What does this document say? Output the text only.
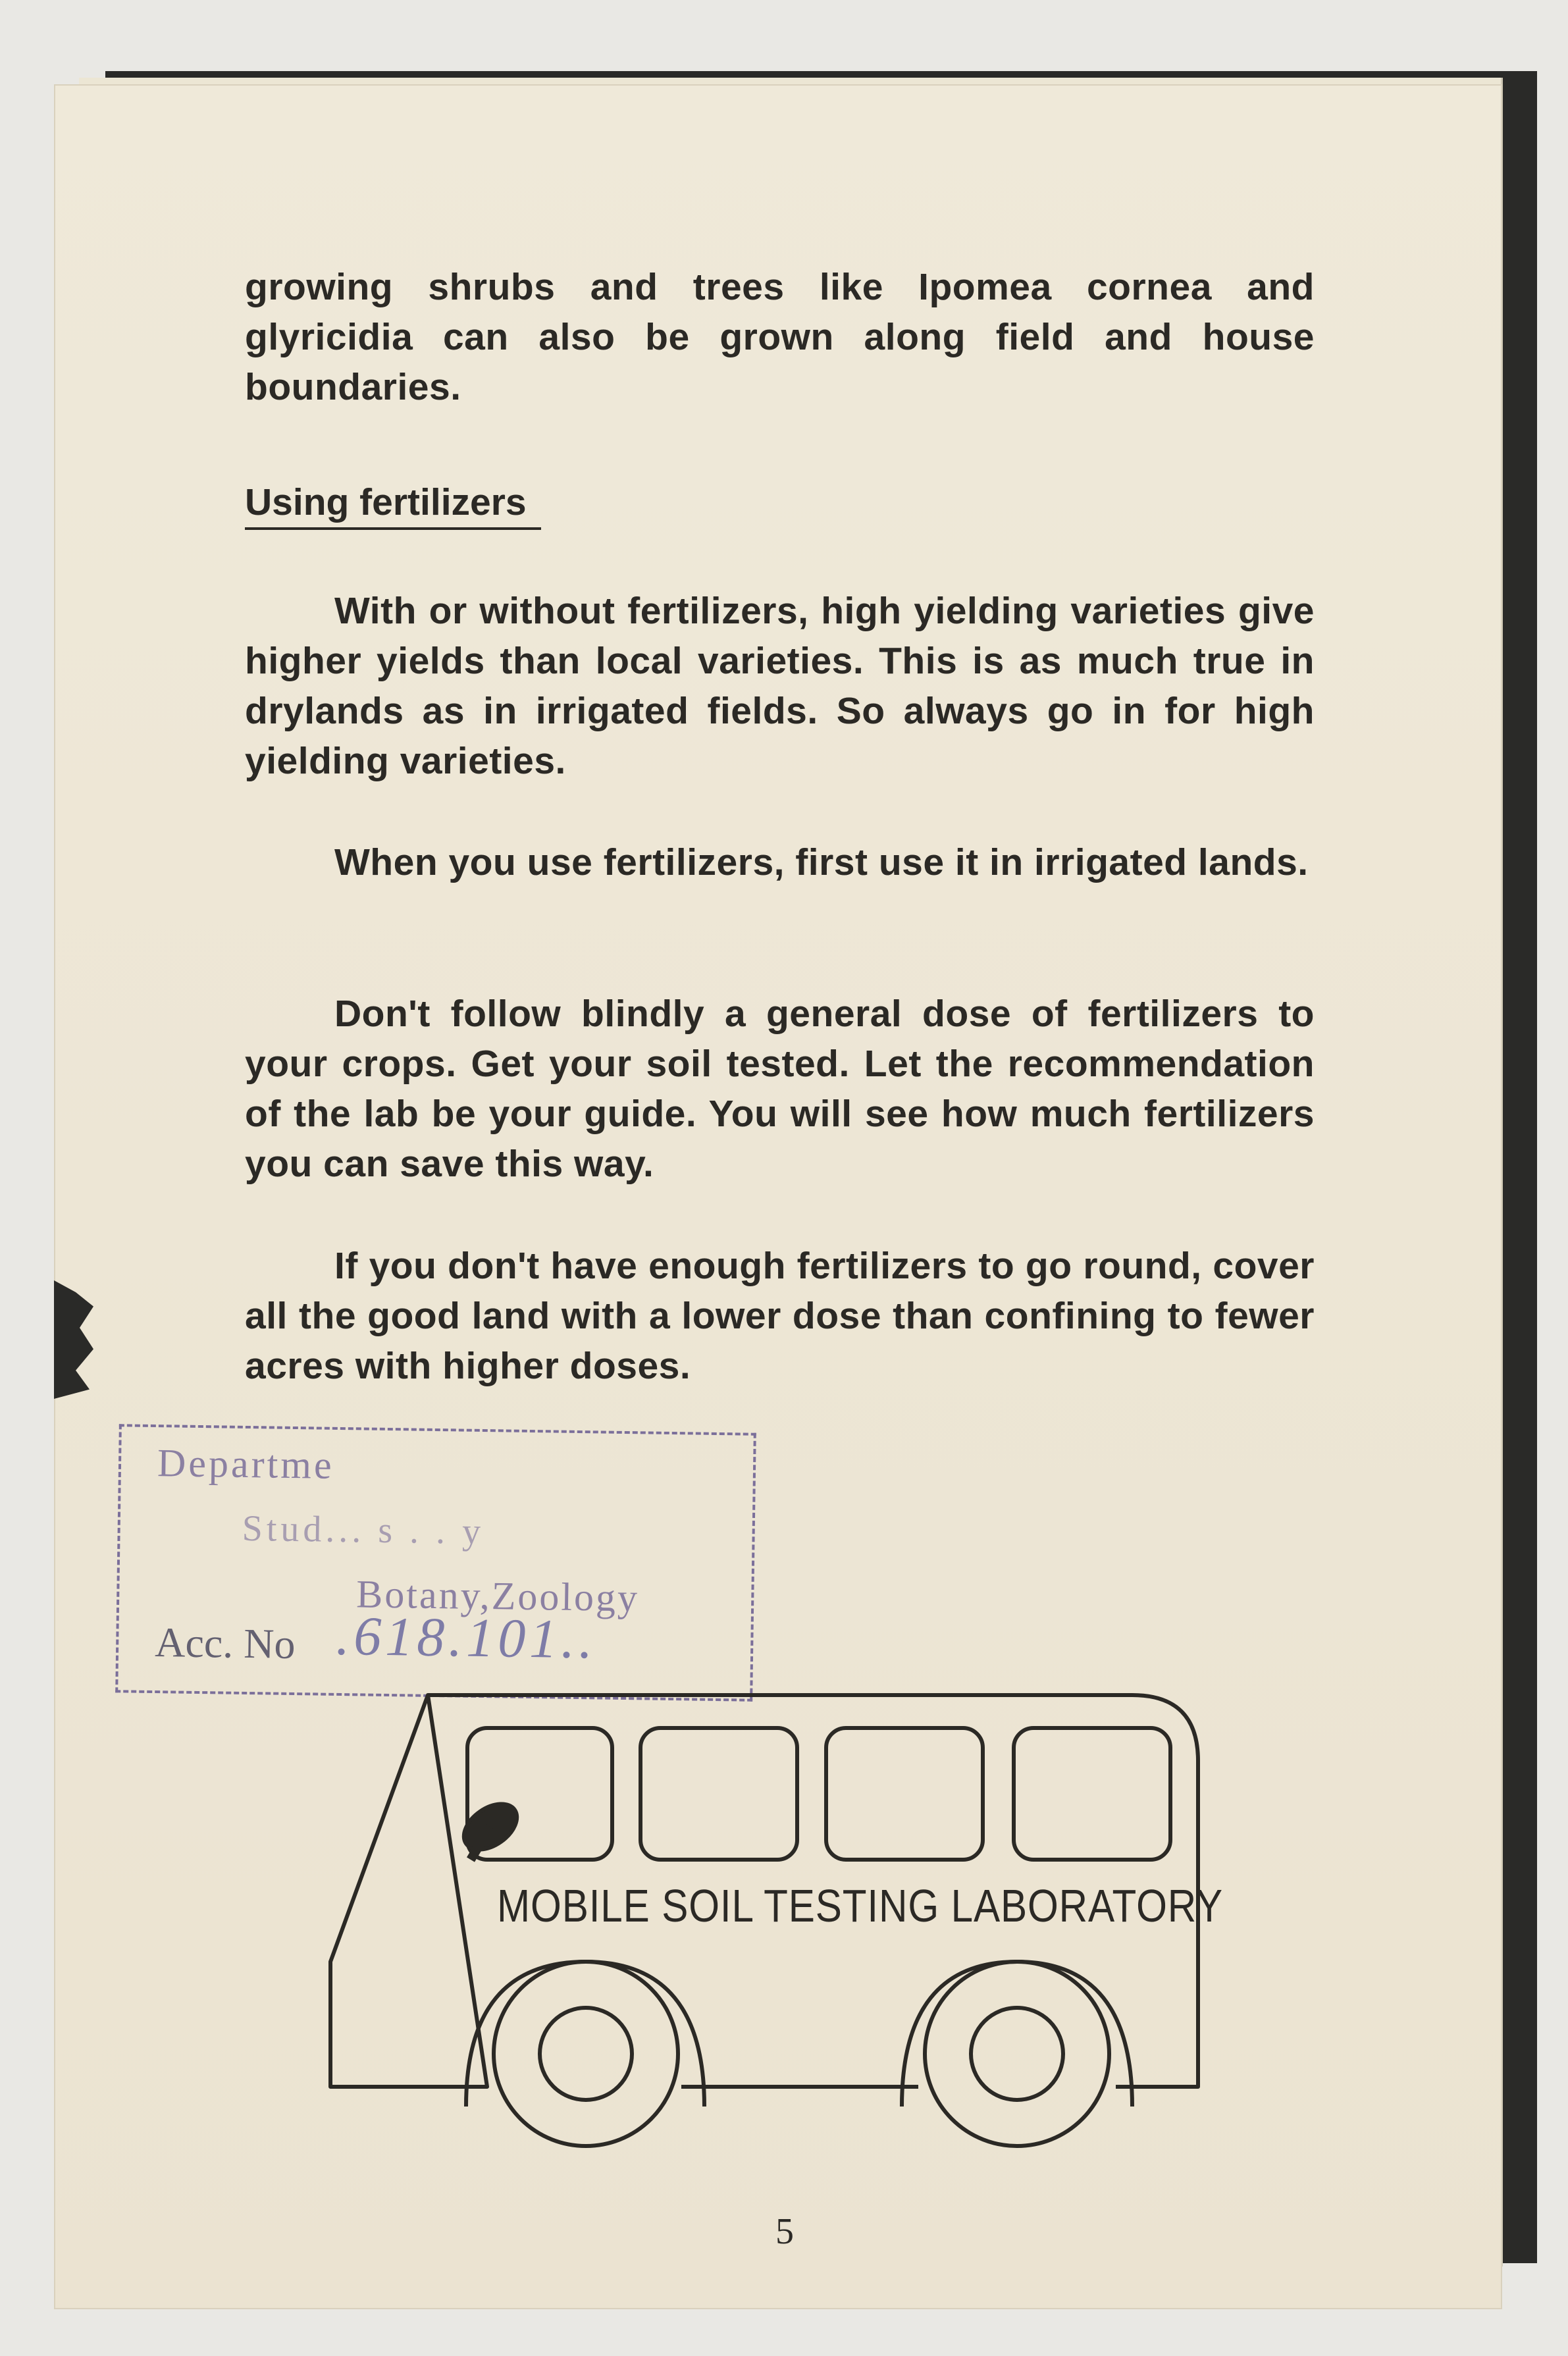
growing shrubs and trees like Ipomea cornea and glyricidia can also be grown along field and house boundaries.

Using fertilizers

With or without fertilizers, high yielding varieties give higher yields than local varieties. This is as much true in drylands as in irrigated fields. So always go in for high yielding varieties.

When you use fertilizers, first use it in irrigated lands.

Don't follow blindly a general dose of fertilizers to your crops. Get your soil tested. Let the recommendation of the lab be your guide. You will see how much fertilizers you can save this way.

If you don't have enough fertilizers to go round, cover all the good land with a lower dose than confining to fewer acres with higher doses.

Departme
Stud... s . . y
Botany,Zoology
Acc. No .618.101..
MOBILE SOIL TESTING LABORATORY
5
